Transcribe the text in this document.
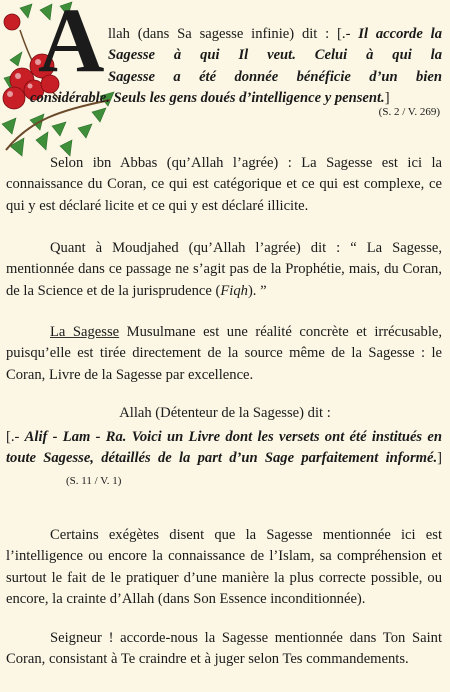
A llah (dans Sa sagesse infinie) dit : [.- Il accorde la
Sagesse à qui Il veut. Celui à qui la
Sagesse a été donnée bénéficie d’un bien
considérable. Seuls les gens doués d’intelligence y pensent.]
(S. 2 / V. 269)
Selon ibn Abbas (qu’Allah l’agrée) : La Sagesse est ici la connaissance du Coran, ce qui est catégorique et ce qui est complexe, ce qui y est déclaré licite et ce qui y est déclaré illicite.
Quant à Moudjahed (qu’Allah l’agrée) dit : “ La Sagesse, mentionnée dans ce passage ne s’agit pas de la Prophétie, mais, du Coran, de la Science et de la jurisprudence (Fiqh). ”
La Sagesse Musulmane est une réalité concrète et irrécusable, puisqu’elle est tirée directement de la source même de la Sagesse : le Coran, Livre de la Sagesse par excellence.
Allah (Détenteur de la Sagesse) dit :
[.- Alif - Lam - Ra. Voici un Livre dont les versets ont été institués en toute Sagesse, détaillés de la part d’un Sage parfaitement informé.](S. 11 / V. 1)
Certains exégètes disent que la Sagesse mentionnée ici est l’intelligence ou encore la connaissance de l’Islam, sa compréhension et surtout le fait de le pratiquer d’une manière la plus correcte possible, ou encore, la crainte d’Allah (dans Son Essence inconditionnée).
Seigneur ! accorde-nous la Sagesse mentionnée dans Ton Saint Coran, consistant à Te craindre et à juger selon Tes commandements.
